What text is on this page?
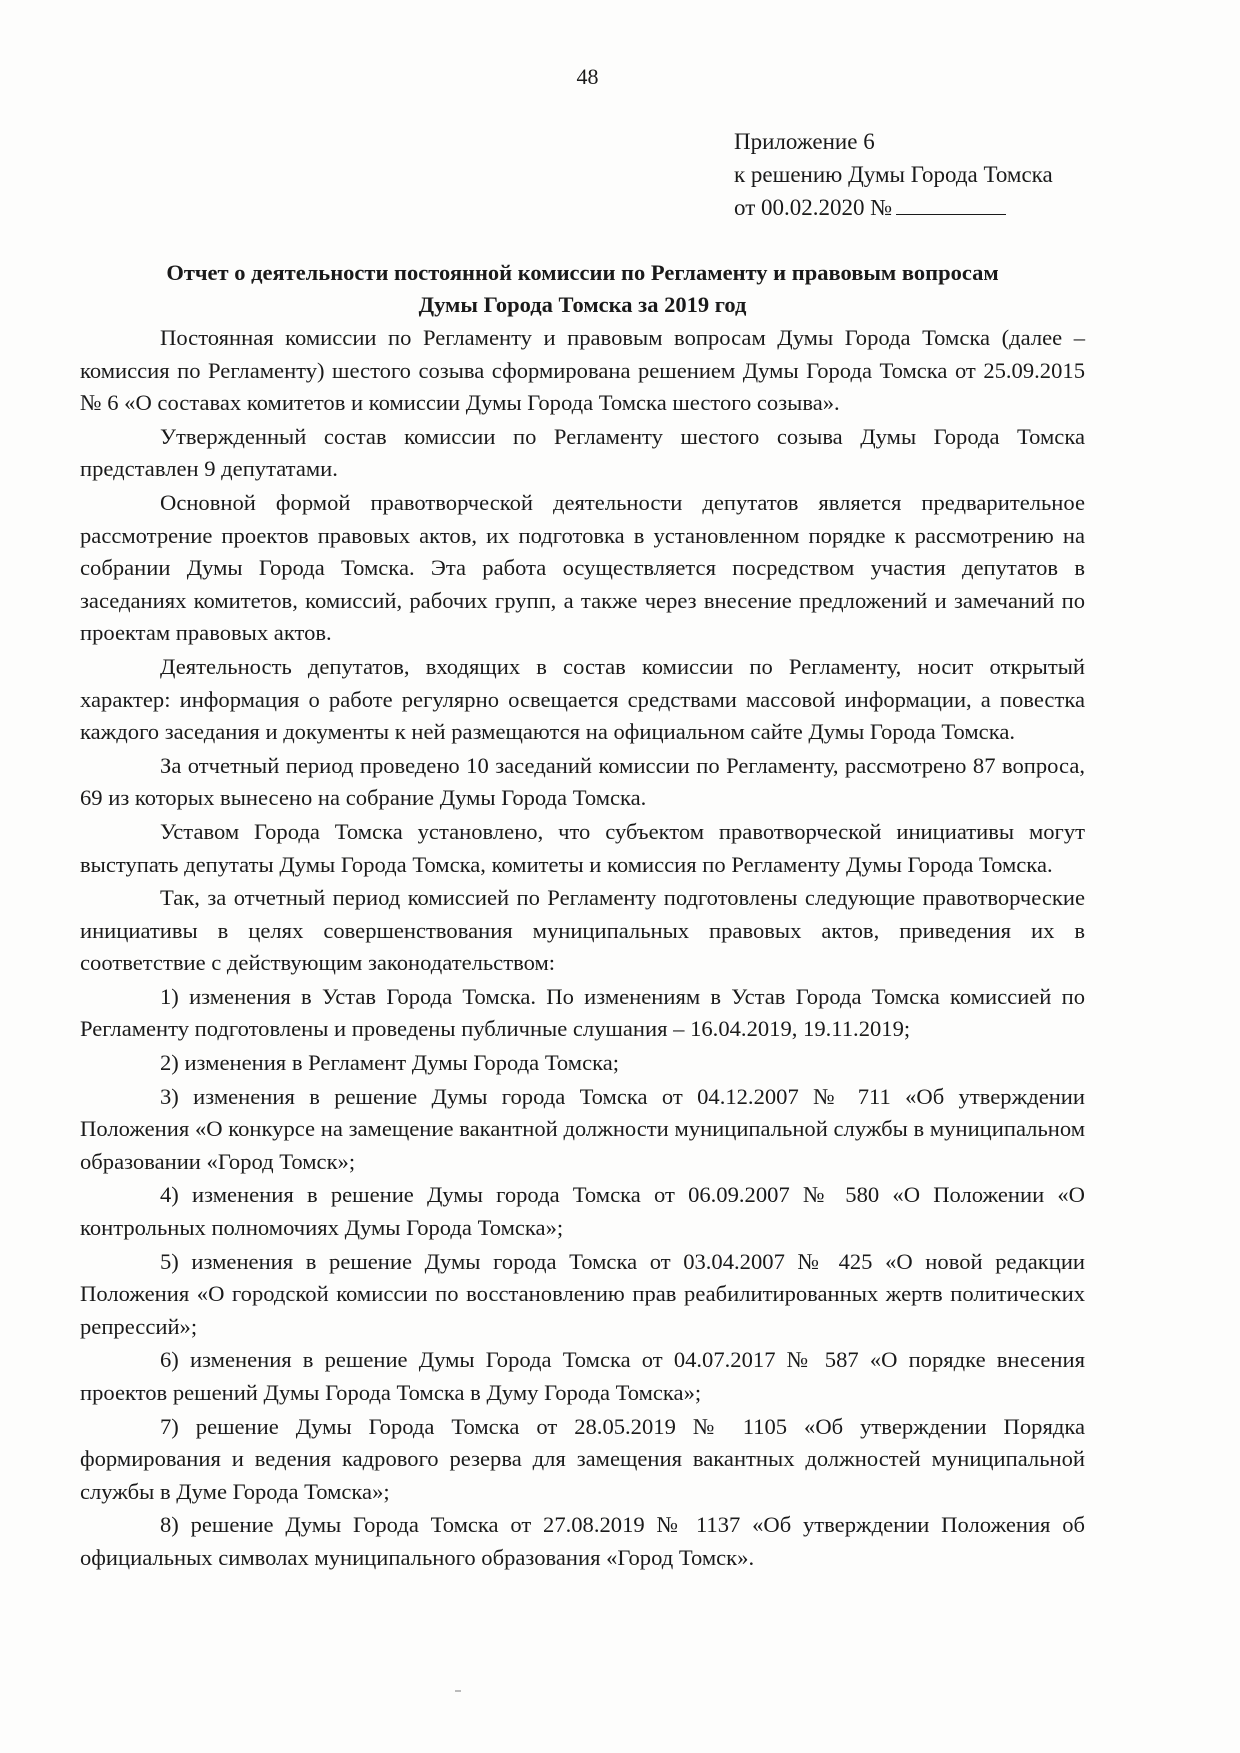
48
Приложение 6
к решению Думы Города Томска
от 00.02.2020 №
Отчет о деятельности постоянной комиссии по Регламенту и правовым вопросам
Думы Города Томска за 2019 год

Постоянная комиссии по Регламенту и правовым вопросам Думы Города Томска (далее – комиссия по Регламенту) шестого созыва сформирована решением Думы Города Томска от 25.09.2015 № 6 «О составах комитетов и комиссии Думы Города Томска шестого созыва».

Утвержденный состав комиссии по Регламенту шестого созыва Думы Города Томска представлен 9 депутатами.

Основной формой правотворческой деятельности депутатов является предварительное рассмотрение проектов правовых актов, их подготовка в установленном порядке к рассмотрению на собрании Думы Города Томска. Эта работа осуществляется посредством участия депутатов в заседаниях комитетов, комиссий, рабочих групп, а также через внесение предложений и замечаний по проектам правовых актов.

Деятельность депутатов, входящих в состав комиссии по Регламенту, носит открытый характер: информация о работе регулярно освещается средствами массовой информации, а повестка каждого заседания и документы к ней размещаются на официальном сайте Думы Города Томска.

За отчетный период проведено 10 заседаний комиссии по Регламенту, рассмотрено 87 вопроса, 69 из которых вынесено на собрание Думы Города Томска.

Уставом Города Томска установлено, что субъектом правотворческой инициативы могут выступать депутаты Думы Города Томска, комитеты и комиссия по Регламенту Думы Города Томска.

Так, за отчетный период комиссией по Регламенту подготовлены следующие правотворческие инициативы в целях совершенствования муниципальных правовых актов, приведения их в соответствие с действующим законодательством:

1) изменения в Устав Города Томска. По изменениям в Устав Города Томска комиссией по Регламенту подготовлены и проведены публичные слушания – 16.04.2019, 19.11.2019;

2) изменения в Регламент Думы Города Томска;

3) изменения в решение Думы города Томска от 04.12.2007 № 711 «Об утверждении Положения «О конкурсе на замещение вакантной должности муниципальной службы в муниципальном образовании «Город Томск»;

4) изменения в решение Думы города Томска от 06.09.2007 № 580 «О Положении «О контрольных полномочиях Думы Города Томска»;

5) изменения в решение Думы города Томска от 03.04.2007 № 425 «О новой редакции Положения «О городской комиссии по восстановлению прав реабилитированных жертв политических репрессий»;

6) изменения в решение Думы Города Томска от 04.07.2017 № 587 «О порядке внесения проектов решений Думы Города Томска в Думу Города Томска»;

7) решение Думы Города Томска от 28.05.2019 № 1105 «Об утверждении Порядка формирования и ведения кадрового резерва для замещения вакантных должностей муниципальной службы в Думе Города Томска»;

8) решение Думы Города Томска от 27.08.2019 № 1137 «Об утверждении Положения об официальных символах муниципального образования «Город Томск».
